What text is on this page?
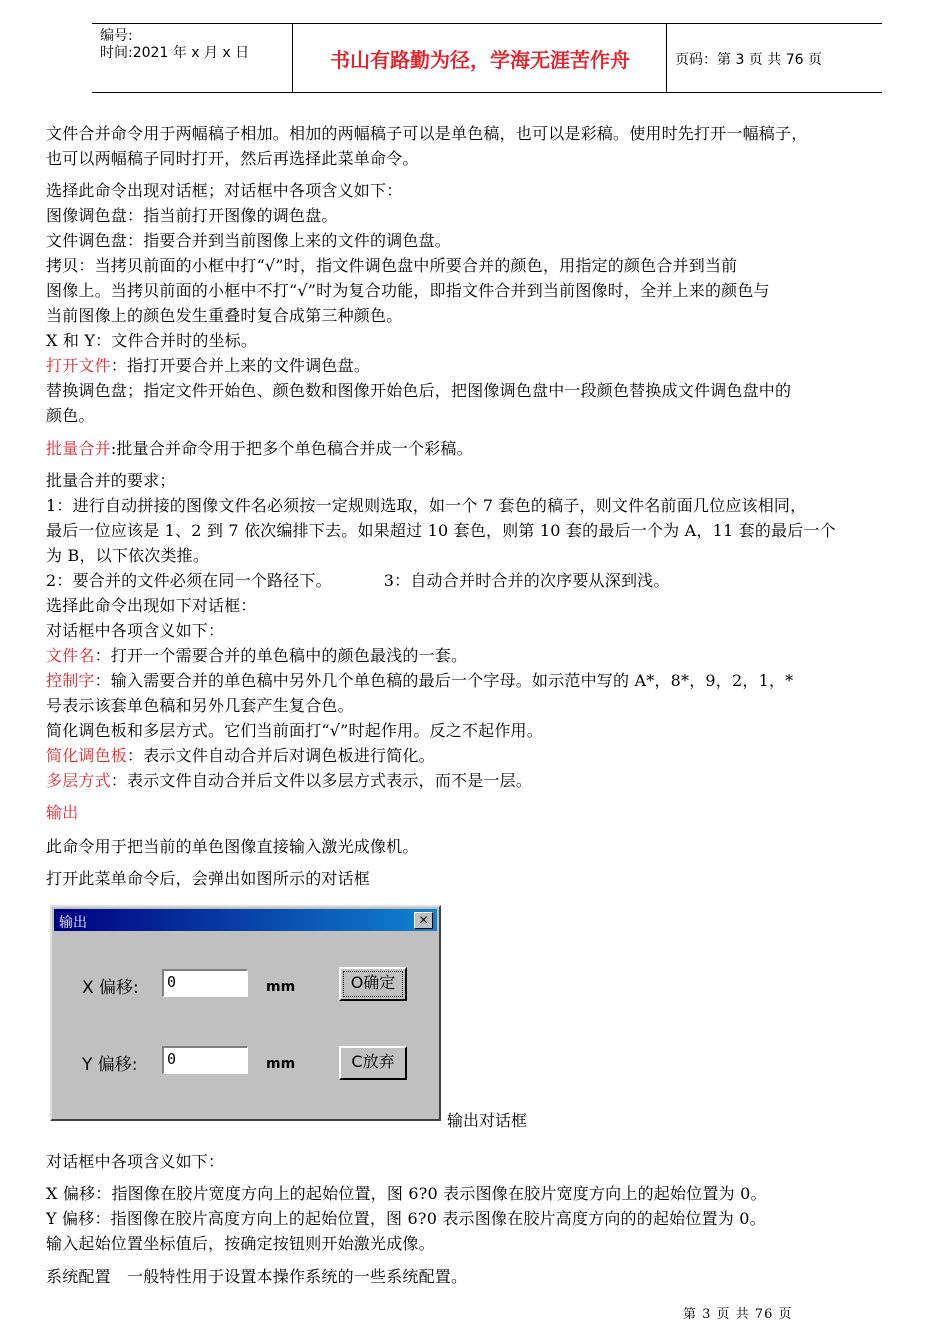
编号:
时间:2021 年 x 月 x 日	书山有路勤为径，学海无涯苦作舟	页码：第 3 页 共 76 页
文件合并命令用于两幅稿子相加。相加的两幅稿子可以是单色稿，也可以是彩稿。使用时先打开一幅稿子，
也可以两幅稿子同时打开，然后再选择此菜单命令。
选择此命令出现对话框；对话框中各项含义如下：
图像调色盘：指当前打开图像的调色盘。
文件调色盘：指要合并到当前图像上来的文件的调色盘。
拷贝：当拷贝前面的小框中打“√”时，指文件调色盘中所要合并的颜色，用指定的颜色合并到当前
图像上。当拷贝前面的小框中不打“√”时为复合功能，即指文件合并到当前图像时，全并上来的颜色与
当前图像上的颜色发生重叠时复合成第三种颜色。
X 和 Y：文件合并时的坐标。
打开文件：指打开要合并上来的文件调色盘。
替换调色盘；指定文件开始色、颜色数和图像开始色后，把图像调色盘中一段颜色替换成文件调色盘中的
颜色。
批量合并:批量合并命令用于把多个单色稿合并成一个彩稿。
批量合并的要求；
1：进行自动拼接的图像文件名必须按一定规则选取，如一个 7 套色的稿子，则文件名前面几位应该相同，
最后一位应该是 1、2 到 7 依次编排下去。如果超过 10 套色，则第 10 套的最后一个为 A，11 套的最后一个
为 B，以下依次类推。
2：要合并的文件必须在同一个路径下。	3：自动合并时合并的次序要从深到浅。
选择此命令出现如下对话框：
对话框中各项含义如下：
文件名：打开一个需要合并的单色稿中的颜色最浅的一套。
控制字：输入需要合并的单色稿中另外几个单色稿的最后一个字母。如示范中写的 A*，8*，9，2，1，*
号表示该套单色稿和另外几套产生复合色。
简化调色板和多层方式。它们当前面打“√”时起作用。反之不起作用。
简化调色板：表示文件自动合并后对调色板进行简化。
多层方式：表示文件自动合并后文件以多层方式表示，而不是一层。
输出
此命令用于把当前的单色图像直接输入激光成像机。
打开此菜单命令后，会弹出如图所示的对话框
输出	✕
X 偏移:	0	mm	O确定
Y 偏移:	0	mm	C放弃
输出对话框
对话框中各项含义如下：
X 偏移：指图像在胶片宽度方向上的起始位置，图 6?0 表示图像在胶片宽度方向上的起始位置为 0。
Y 偏移：指图像在胶片高度方向上的起始位置，图 6?0 表示图像在胶片高度方向的的起始位置为 0。
输入起始位置坐标值后，按确定按钮则开始激光成像。
系统配置　一般特性用于设置本操作系统的一些系统配置。
第 3 页 共 76 页
